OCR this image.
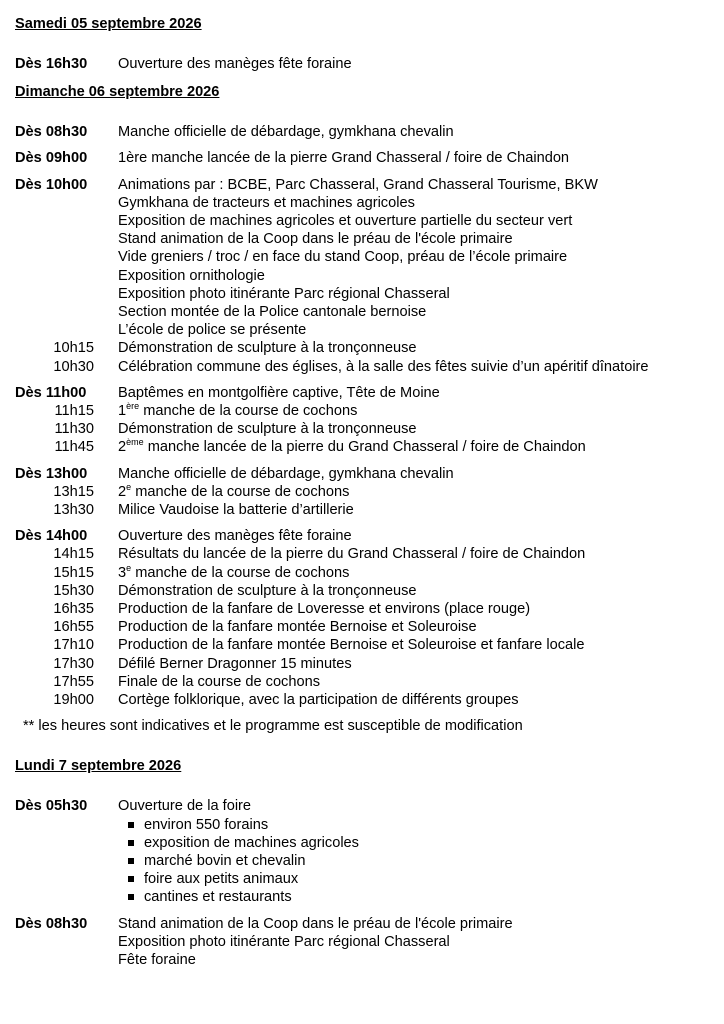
Samedi 05 septembre 2026
Dès 16h30	Ouverture des manèges fête foraine
Dimanche 06 septembre 2026
Dès 08h30	Manche officielle de débardage, gymkhana chevalin
Dès 09h00	1ère manche lancée de la pierre Grand Chasseral / foire de Chaindon
Dès 10h00	Animations par : BCBE, Parc Chasseral, Grand Chasseral Tourisme, BKW
Gymkhana de tracteurs et machines agricoles
Exposition de machines agricoles et ouverture partielle du secteur vert
Stand animation de la Coop dans le préau de l'école primaire
Vide greniers / troc / en face du stand Coop, préau de l’école primaire
Exposition ornithologie
Exposition photo itinérante Parc régional Chasseral
Section montée de la Police cantonale bernoise
L’école de police se présente
10h15	Démonstration de sculpture à la tronçonneuse
10h30	Célébration commune des églises, à la salle des fêtes suivie d’un apéritif dînatoire
Dès 11h00	Baptêmes en montgolfière captive, Tête de Moine
11h15	1ère manche de la course de cochons
11h30	Démonstration de sculpture à la tronçonneuse
11h45	2ème manche lancée de la pierre du Grand Chasseral / foire de Chaindon
Dès 13h00	Manche officielle de débardage, gymkhana chevalin
13h15	2e manche de la course de cochons
13h30	Milice Vaudoise la batterie d’artillerie
Dès 14h00	Ouverture des manèges fête foraine
14h15	Résultats du lancée de la pierre du Grand Chasseral / foire de Chaindon
15h15	3e manche de la course de cochons
15h30	Démonstration de sculpture à la tronçonneuse
16h35	Production de la fanfare de Loveresse et environs (place rouge)
16h55	Production de la fanfare montée Bernoise et Soleuroise
17h10	Production de la fanfare montée Bernoise et Soleuroise et fanfare locale
17h30	Défilé Berner Dragonner 15 minutes
17h55	Finale de la course de cochons
19h00	Cortège folklorique, avec la participation de différents groupes
** les heures sont indicatives et le programme est susceptible de modification
Lundi 7 septembre 2026
Dès 05h30	Ouverture de la foire
environ 550 forains
exposition de machines agricoles
marché bovin et chevalin
foire aux petits animaux
cantines et restaurants
Dès 08h30	Stand animation de la Coop dans le préau de l'école primaire
Exposition photo itinérante Parc régional Chasseral
Fête foraine
